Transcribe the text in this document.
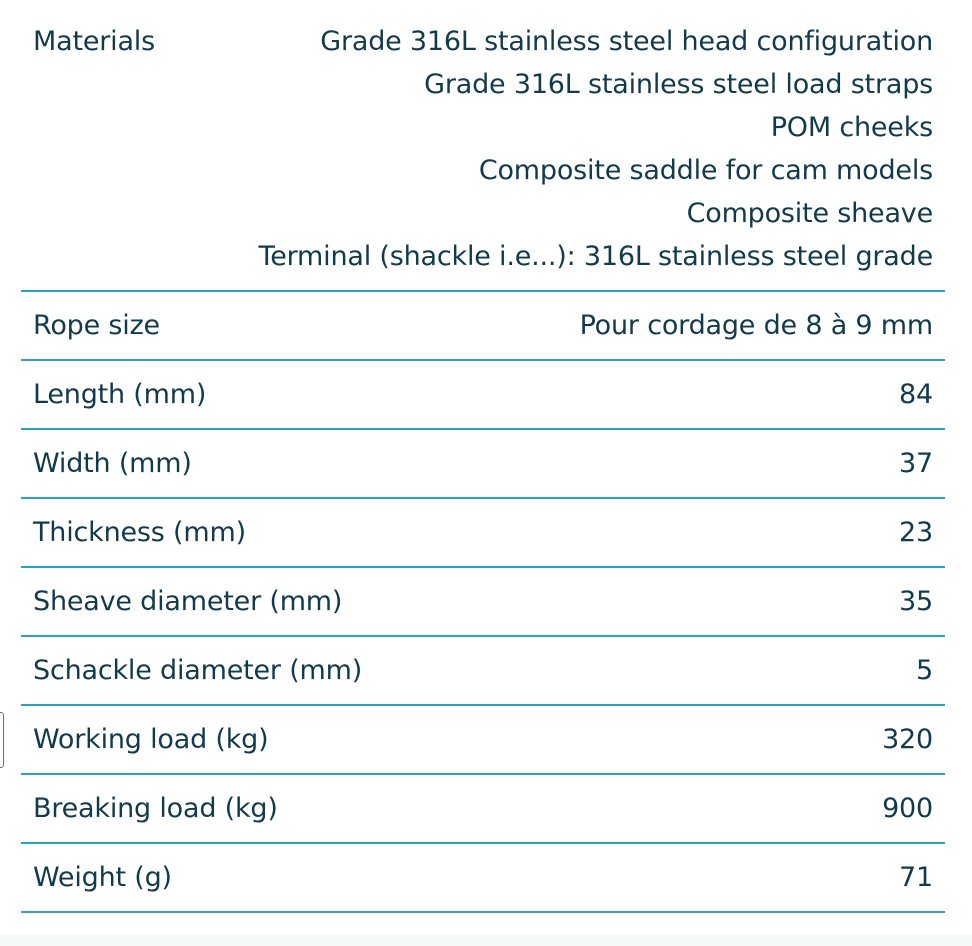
Materials	Grade 316L stainless steel head configuration
Grade 316L stainless steel load straps
POM cheeks
Composite saddle for cam models
Composite sheave
Terminal (shackle i.e...): 316L stainless steel grade
Rope size	Pour cordage de 8 à 9 mm
Length (mm)	84
Width (mm)	37
Thickness (mm)	23
Sheave diameter (mm)	35
Schackle diameter (mm)	5
Working load (kg)	320
Breaking load (kg)	900
Weight (g)	71
